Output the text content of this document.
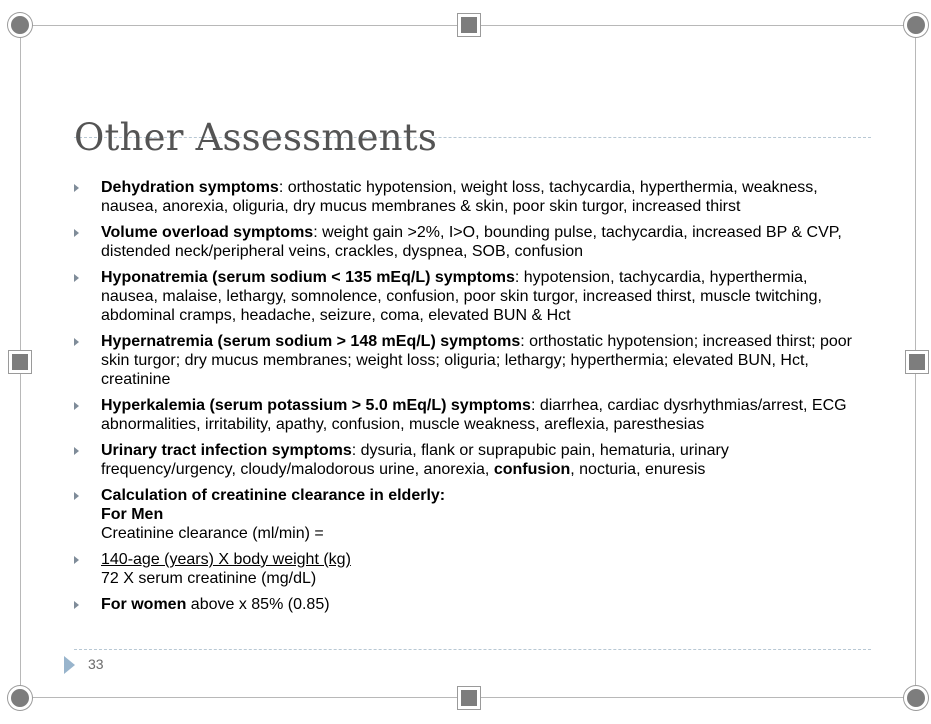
Other Assessments
Dehydration symptoms: orthostatic hypotension, weight loss, tachycardia, hyperthermia, weakness, nausea, anorexia, oliguria, dry mucus membranes & skin, poor skin turgor, increased thirst
Volume overload symptoms: weight gain >2%, I>O, bounding pulse, tachycardia, increased BP & CVP, distended neck/peripheral veins, crackles, dyspnea, SOB, confusion
Hyponatremia (serum sodium < 135 mEq/L) symptoms: hypotension, tachycardia, hyperthermia, nausea, malaise, lethargy, somnolence, confusion, poor skin turgor, increased thirst, muscle twitching, abdominal cramps, headache, seizure, coma, elevated BUN & Hct
Hypernatremia (serum sodium > 148 mEq/L) symptoms: orthostatic hypotension; increased thirst; poor skin turgor; dry mucus membranes; weight loss; oliguria; lethargy; hyperthermia; elevated BUN, Hct, creatinine
Hyperkalemia (serum potassium > 5.0 mEq/L) symptoms: diarrhea, cardiac dysrhythmias/arrest, ECG abnormalities, irritability, apathy, confusion, muscle weakness, areflexia, paresthesias
Urinary tract infection symptoms: dysuria, flank or suprapubic pain, hematuria, urinary frequency/urgency, cloudy/malodorous urine, anorexia, confusion, nocturia, enuresis
Calculation of creatinine clearance in elderly:
For Men
Creatinine clearance (ml/min) =
140-age (years) X body weight (kg)
72 X serum creatinine (mg/dL)
For women above x 85% (0.85)
33
